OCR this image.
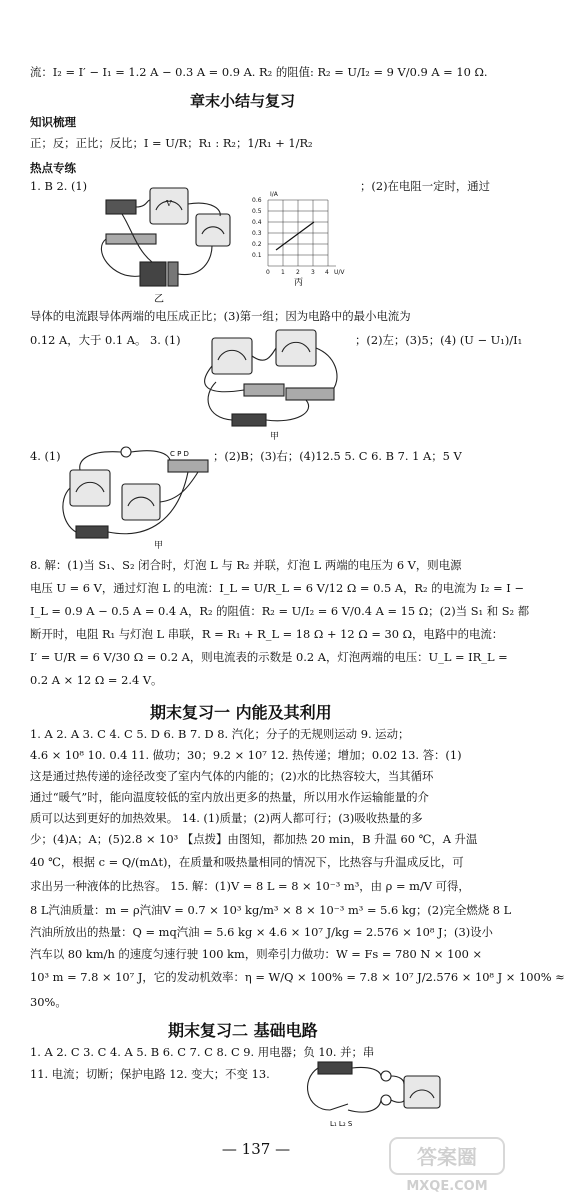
流：I₂ = I′ − I₁ = 1.2 A − 0.3 A = 0.9 A. R₂ 的阻值: R₂ = U/I₂ = 9 V/0.9 A = 10 Ω.
章末小结与复习
知识梳理
正；反；正比；反比；I = U/R；R₁ : R₂；1/R₁ + 1/R₂
热点专练
1. B 2. (1)	；(2)在电阻一定时，通过
V
乙
0.1
0.2
0.3
0.4
0.5
0.6
0 1 2 3 4
I/A
U/V
丙
导体的电流跟导体两端的电压成正比；(3)第一组；因为电路中的最小电流为
0.12 A，大于 0.1 A。 3. (1)	；(2)左；(3)5；(4) (U − U₁)/I₁
甲
4. (1)	；(2)B；(3)右；(4)12.5 5. C 6. B 7. 1 A；5 V
C P D
甲
8. 解：(1)当 S₁、S₂ 闭合时，灯泡 L 与 R₂ 并联，灯泡 L 两端的电压为 6 V，则电源
电压 U = 6 V，通过灯泡 L 的电流：I_L = U/R_L = 6 V/12 Ω = 0.5 A，R₂ 的电流为 I₂ = I −
I_L = 0.9 A − 0.5 A = 0.4 A，R₂ 的阻值：R₂ = U/I₂ = 6 V/0.4 A = 15 Ω；(2)当 S₁ 和 S₂ 都
断开时，电阻 R₁ 与灯泡 L 串联，R = R₁ + R_L = 18 Ω + 12 Ω = 30 Ω，电路中的电流：
I′ = U/R = 6 V/30 Ω = 0.2 A，则电流表的示数是 0.2 A，灯泡两端的电压：U_L = IR_L =
0.2 A × 12 Ω = 2.4 V。
期末复习一 内能及其利用
1. A 2. A 3. C 4. C 5. D 6. B 7. D 8. 汽化；分子的无规则运动 9. 运动；
4.6 × 10⁸ 10. 0.4 11. 做功；30；9.2 × 10⁷ 12. 热传递；增加；0.02 13. 答：(1)
这是通过热传递的途径改变了室内气体的内能的；(2)水的比热容较大，当其循环
通过“暖气”时，能向温度较低的室内放出更多的热量，所以用水作运输能量的介
质可以达到更好的加热效果。 14. (1)质量；(2)两人都可行；(3)吸收热量的多
少；(4)A；A；(5)2.8 × 10³ 【点拨】由图知，都加热 20 min，B 升温 60 ℃，A 升温
40 ℃，根据 c = Q/(mΔt)，在质量和吸热量相同的情况下，比热容与升温成反比，可
求出另一种液体的比热容。 15. 解：(1)V = 8 L = 8 × 10⁻³ m³，由 ρ = m/V 可得，
8 L汽油质量：m = ρ汽油V = 0.7 × 10³ kg/m³ × 8 × 10⁻³ m³ = 5.6 kg；(2)完全燃烧 8 L
汽油所放出的热量：Q = mq汽油 = 5.6 kg × 4.6 × 10⁷ J/kg = 2.576 × 10⁸ J；(3)设小
汽车以 80 km/h 的速度匀速行驶 100 km，则牵引力做功：W = Fs = 780 N × 100 ×
10³ m = 7.8 × 10⁷ J，它的发动机效率：η = W/Q × 100% = 7.8 × 10⁷ J/2.576 × 10⁸ J × 100% ≈
30%。
期末复习二 基础电路
1. A 2. C 3. C 4. A 5. B 6. C 7. C 8. C 9. 用电器；负 10. 并；串
11. 电流；切断；保护电路 12. 变大；不变 13.
L₁ L₂ S
— 137 —	答案圈
MXQE.COM
